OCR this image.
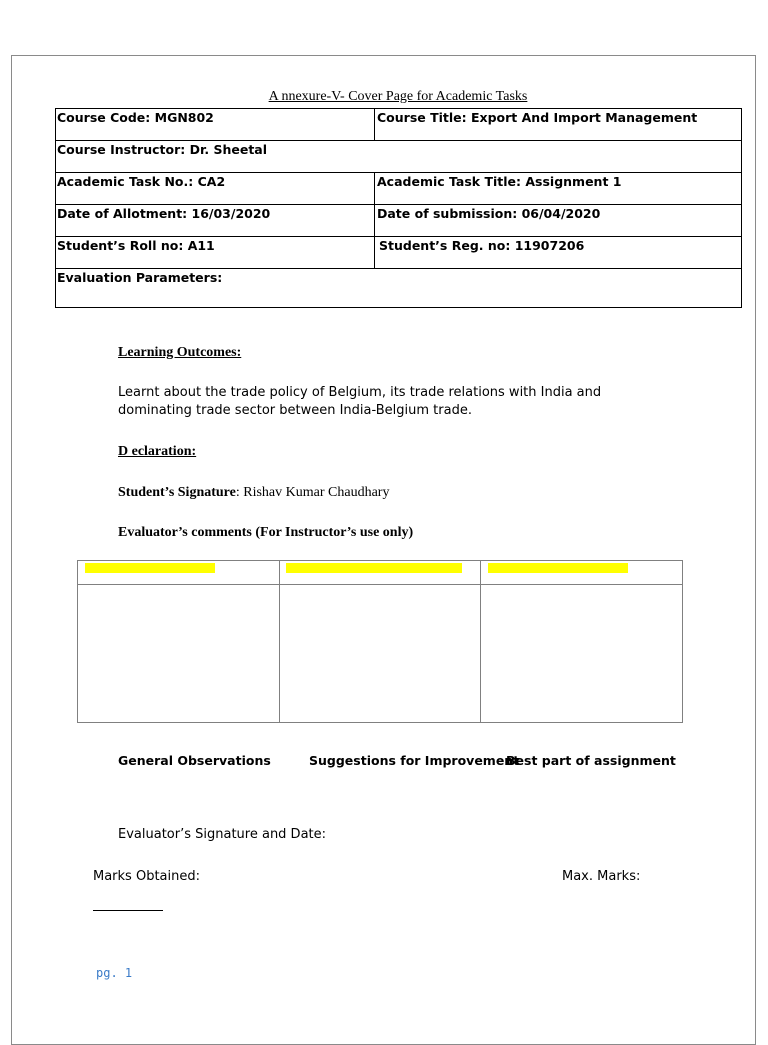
A nnexure-V- Cover Page for Academic Tasks
Course Code: MGN802	Course Title: Export And Import Management
Course Instructor: Dr. Sheetal	
Academic Task No.: CA2	Academic Task Title: Assignment 1
Date of Allotment: 16/03/2020	Date of submission: 06/04/2020
Student’s Roll no: A11	Student’s Reg. no: 11907206
Evaluation Parameters:	
Learning Outcomes:
Learnt about the trade policy of Belgium, its trade relations with India and
dominating trade sector between India-Belgium trade.
D eclaration:
Student’s Signature: Rishav Kumar Chaudhary
Evaluator’s comments (For Instructor’s use only)
General Observations	Suggestions for Improvement
Best part of assignment
Evaluator’s Signature and Date:
Marks Obtained:	Max. Marks:
pg. 1
